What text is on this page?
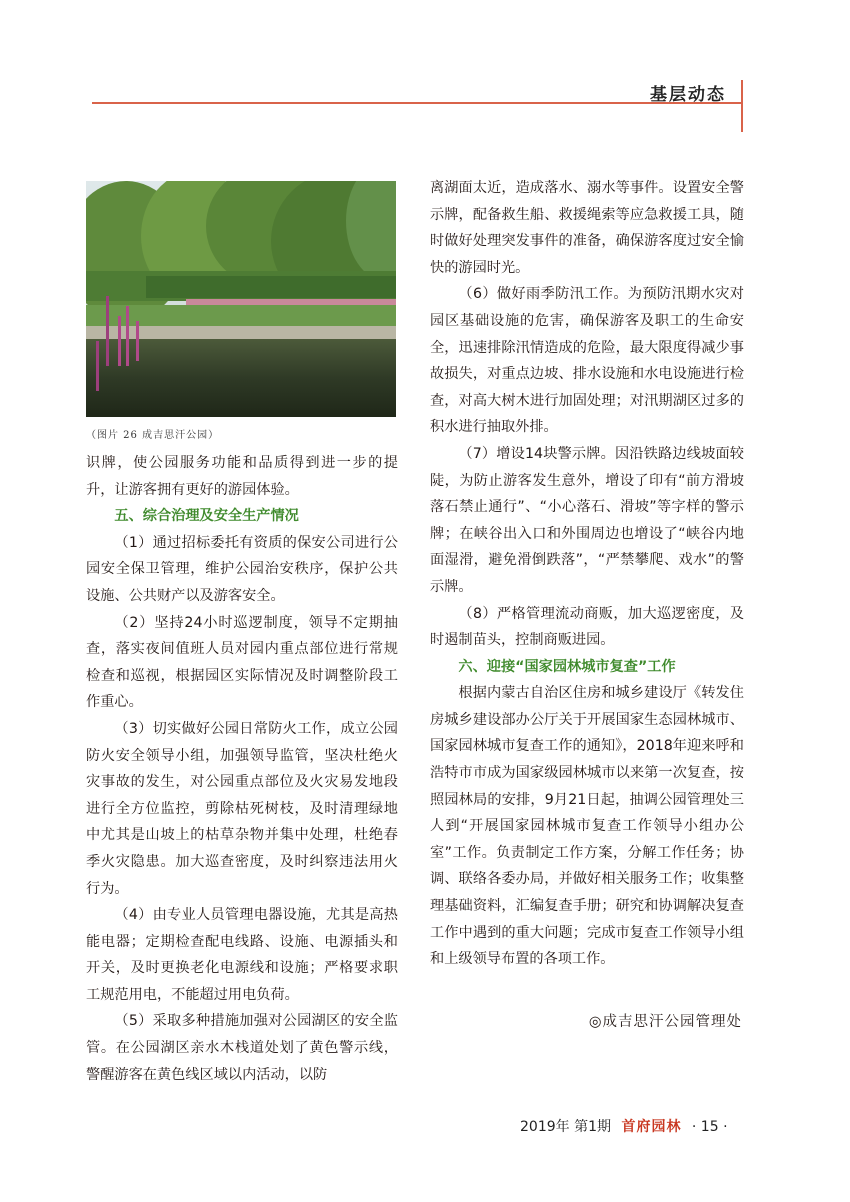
基层动态
（图片 26 成吉思汗公园）

识牌，使公园服务功能和品质得到进一步的提升，让游客拥有更好的游园体验。

五、综合治理及安全生产情况

（1）通过招标委托有资质的保安公司进行公园安全保卫管理，维护公园治安秩序，保护公共设施、公共财产以及游客安全。

（2）坚持24小时巡逻制度，领导不定期抽查，落实夜间值班人员对园内重点部位进行常规检查和巡视，根据园区实际情况及时调整阶段工作重心。

（3）切实做好公园日常防火工作，成立公园防火安全领导小组，加强领导监管，坚决杜绝火灾事故的发生，对公园重点部位及火灾易发地段进行全方位监控，剪除枯死树枝，及时清理绿地中尤其是山坡上的枯草杂物并集中处理，杜绝春季火灾隐患。加大巡查密度，及时纠察违法用火行为。

（4）由专业人员管理电器设施，尤其是高热能电器；定期检查配电线路、设施、电源插头和开关，及时更换老化电源线和设施；严格要求职工规范用电，不能超过用电负荷。

（5）采取多种措施加强对公园湖区的安全监管。在公园湖区亲水木栈道处划了黄色警示线，警醒游客在黄色线区域以内活动，以防

离湖面太近，造成落水、溺水等事件。设置安全警示牌，配备救生船、救援绳索等应急救援工具，随时做好处理突发事件的准备，确保游客度过安全愉快的游园时光。

（6）做好雨季防汛工作。为预防汛期水灾对园区基础设施的危害，确保游客及职工的生命安全，迅速排除汛情造成的危险，最大限度得减少事故损失，对重点边坡、排水设施和水电设施进行检查，对高大树木进行加固处理；对汛期湖区过多的积水进行抽取外排。

（7）增设14块警示牌。因沿铁路边线坡面较陡，为防止游客发生意外，增设了印有“前方滑坡落石禁止通行”、“小心落石、滑坡”等字样的警示牌；在峡谷出入口和外围周边也增设了“峡谷内地面湿滑，避免滑倒跌落”，“严禁攀爬、戏水”的警示牌。

（8）严格管理流动商贩，加大巡逻密度，及时遏制苗头，控制商贩进园。

六、迎接“国家园林城市复查”工作

根据内蒙古自治区住房和城乡建设厅《转发住房城乡建设部办公厅关于开展国家生态园林城市、国家园林城市复查工作的通知》，2018年迎来呼和浩特市市成为国家级园林城市以来第一次复查，按照园林局的安排，9月21日起，抽调公园管理处三人到“开展国家园林城市复查工作领导小组办公室”工作。负责制定工作方案，分解工作任务；协调、联络各委办局，并做好相关服务工作；收集整理基础资料，汇编复查手册；研究和协调解决复查工作中遇到的重大问题；完成市复查工作领导小组和上级领导布置的各项工作。

◎成吉思汗公园管理处
2019年 第1期 首府园林 · 15 ·
